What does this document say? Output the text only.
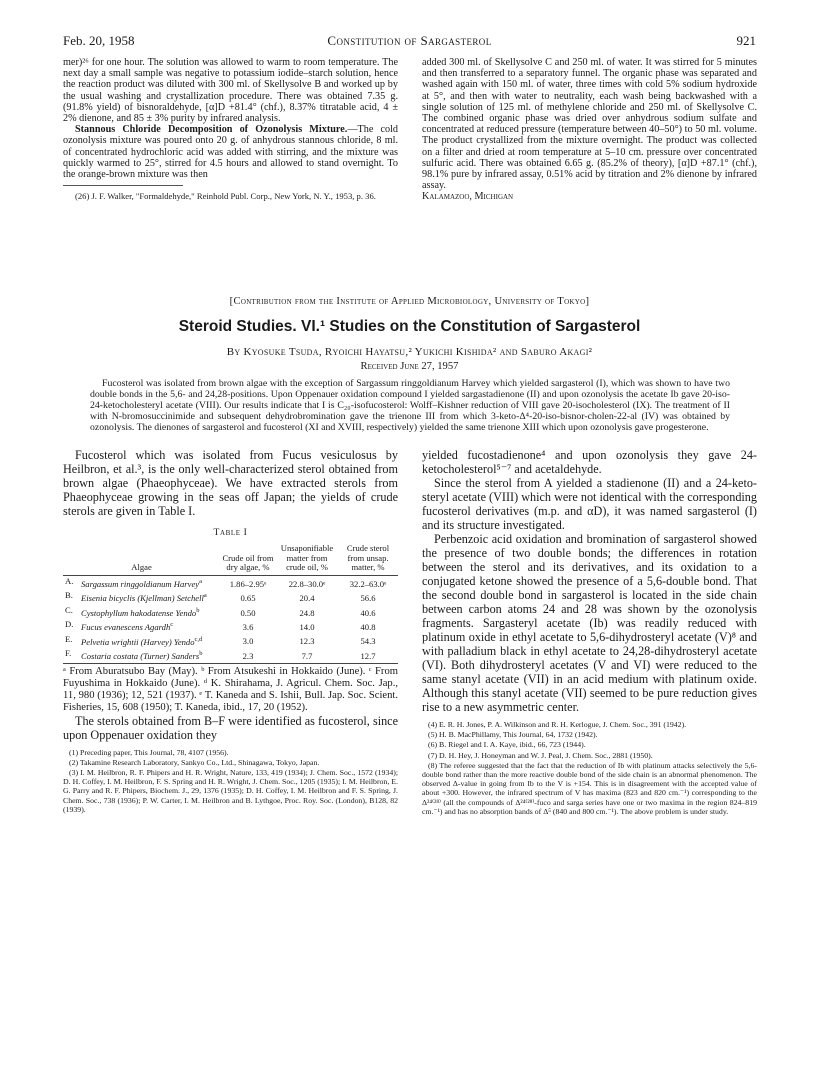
Feb. 20, 1958	Constitution of Sargasterol	921

mer)²⁶ for one hour. The solution was allowed to warm to room temperature. The next day a small sample was negative to potassium iodide–starch solution, hence the reaction product was diluted with 300 ml. of Skellysolve B and worked up by the usual washing and crystallization procedure. There was obtained 7.35 g. (91.8% yield) of bisnoraldehyde, [α]D +81.4° (chf.), 8.37% titratable acid, 4 ± 2% dienone, and 85 ± 3% purity by infrared analysis.

Stannous Chloride Decomposition of Ozonolysis Mixture.—The cold ozonolysis mixture was poured onto 20 g. of anhydrous stannous chloride, 8 ml. of concentrated hydrochloric acid was added with stirring, and the mixture was quickly warmed to 25°, stirred for 4.5 hours and allowed to stand overnight. To the orange-brown mixture was then

(26) J. F. Walker, "Formaldehyde," Reinhold Publ. Corp., New York, N. Y., 1953, p. 36.

added 300 ml. of Skellysolve C and 250 ml. of water. It was stirred for 5 minutes and then transferred to a separatory funnel. The organic phase was separated and washed again with 150 ml. of water, three times with cold 5% sodium hydroxide at 5°, and then with water to neutrality, each wash being backwashed with a single solution of 125 ml. of methylene chloride and 250 ml. of Skellysolve C. The combined organic phase was dried over anhydrous sodium sulfate and concentrated at reduced pressure (temperature between 40–50°) to 50 ml. volume. The product crystallized from the mixture overnight. The product was collected on a filter and dried at room temperature at 5–10 cm. pressure over concentrated sulfuric acid. There was obtained 6.65 g. (85.2% of theory), [α]D +87.1° (chf.), 98.1% pure by infrared assay, 0.51% acid by titration and 2% dienone by infrared assay.

Kalamazoo, Michigan

[Contribution from the Institute of Applied Microbiology, University of Tokyo]
Steroid Studies. VI.¹ Studies on the Constitution of Sargasterol
By Kyosuke Tsuda, Ryoichi Hayatsu,² Yukichi Kishida² and Saburo Akagi²
Received June 27, 1957
Fucosterol was isolated from brown algae with the exception of Sargassum ringgoldianum Harvey which yielded sargasterol (I), which was shown to have two double bonds in the 5,6- and 24,28-positions. Upon Oppenauer oxidation compound I yielded sargastadienone (II) and upon ozonolysis the acetate Ib gave 20-iso-24-ketocholesteryl acetate (VIII). Our results indicate that I is C₂₀-isofucosterol: Wolff–Kishner reduction of VIII gave 20-isocholesterol (IX). The treatment of II with N-bromosuccinimide and subsequent dehydrobromination gave the trienone III from which 3-keto-Δ⁴-20-iso-bisnor-cholen-22-al (IV) was obtained by ozonolysis. The dienones of sargasterol and fucosterol (XI and XVIII, respectively) yielded the same trienone XIII which upon ozonolysis gave progesterone.

Fucosterol which was isolated from Fucus vesiculosus by Heilbron, et al.³, is the only well-characterized sterol obtained from brown algae (Phaeophyceae). We have extracted sterols from Phaeophyceae growing in the seas off Japan; the yields of crude sterols are given in Table I.

Table I
Algae		Crude oil from dry algae, %	Unsaponifiable matter from crude oil, %	Crude sterol from unsap. matter, %
A.	Sargassum ringgoldianum Harvey$^a$	1.86–2.95ᵉ	22.8–30.0ᵉ	32.2–63.0ᵉ
B.	Eisenia bicyclis (Kjellman) Setchell$^a$	0.65	20.4	56.6
C.	Cystophyllum hakodatense Yendo$^b$	0.50	24.8	40.6
D.	Fucus evanescens Agardh$^c$	3.6	14.0	40.8
E.	Pelvetia wrightii (Harvey) Yendo$^{c,d}$	3.0	12.3	54.3
F.	Costaria costata (Turner) Sanders$^b$	2.3	7.7	12.7
ᵃ From Aburatsubo Bay (May). ᵇ From Atsukeshi in Hokkaido (June). ᶜ From Fuyushima in Hokkaido (June). ᵈ K. Shirahama, J. Agricul. Chem. Soc. Jap., 11, 980 (1936); 12, 521 (1937). ᵉ T. Kaneda and S. Ishii, Bull. Jap. Soc. Scient. Fisheries, 15, 608 (1950); T. Kaneda, ibid., 17, 20 (1952).

The sterols obtained from B–F were identified as fucosterol, since upon Oppenauer oxidation they

(1) Preceding paper, This Journal, 78, 4107 (1956).

(2) Takamine Research Laboratory, Sankyo Co., Ltd., Shinagawa, Tokyo, Japan.

(3) I. M. Heilbron, R. F. Phipers and H. R. Wright, Nature, 133, 419 (1934); J. Chem. Soc., 1572 (1934); D. H. Coffey, I. M. Heilbron, F. S. Spring and H. R. Wright, J. Chem. Soc., 1205 (1935); I. M. Heilbron, E. G. Parry and R. F. Phipers, Biochem. J., 29, 1376 (1935); D. H. Coffey, I. M. Heilbron and F. S. Spring, J. Chem. Soc., 738 (1936); P. W. Carter, I. M. Heilbron and B. Lythgoe, Proc. Roy. Soc. (London), B128, 82 (1939).

yielded fucostadienone⁴ and upon ozonolysis they gave 24-ketocholesterol⁵⁻⁷ and acetaldehyde.

Since the sterol from A yielded a stadienone (II) and a 24-keto-steryl acetate (VIII) which were not identical with the corresponding fucosterol derivatives (m.p. and αD), it was named sargasterol (I) and its structure investigated.

Perbenzoic acid oxidation and bromination of sargasterol showed the presence of two double bonds; the differences in rotation between the sterol and its derivatives, and its oxidation to a conjugated ketone showed the presence of a 5,6-double bond. That the second double bond in sargasterol is located in the side chain between carbon atoms 24 and 28 was shown by the ozonolysis fragments. Sargasteryl acetate (Ib) was readily reduced with platinum oxide in ethyl acetate to 5,6-dihydrosteryl acetate (V)⁸ and with palladium black in ethyl acetate to 24,28-dihydrosteryl acetate (VI). Both dihydrosteryl acetates (V and VI) were reduced to the same stanyl acetate (VII) in an acid medium with platinum oxide. Although this stanyl acetate (VII) seemed to be pure reduction gives rise to a new asymmetric center.

(4) E. R. H. Jones, P. A. Wilkinson and R. H. Kerlogue, J. Chem. Soc., 391 (1942).

(5) H. B. MacPhillamy, This Journal, 64, 1732 (1942).

(6) B. Riegel and I. A. Kaye, ibid., 66, 723 (1944).

(7) D. H. Hey, J. Honeyman and W. J. Peal, J. Chem. Soc., 2881 (1950).

(8) The referee suggested that the fact that the reduction of Ib with platinum attacks selectively the 5,6-double bond rather than the more reactive double bond of the side chain is an abnormal phenomenon. The observed Δ-value in going from Ib to the V is +154. This is in disagreement with the accepted value of about +300. However, the infrared spectrum of V has maxima (823 and 820 cm.⁻¹) corresponding to the Δ²⁴⁽²⁸⁾ (all the compounds of Δ²⁴⁽²⁸⁾-fuco and sarga series have one or two maxima in the region 824–819 cm.⁻¹) and has no absorption bands of Δ⁵ (840 and 800 cm.⁻¹). The above problem is under study.
